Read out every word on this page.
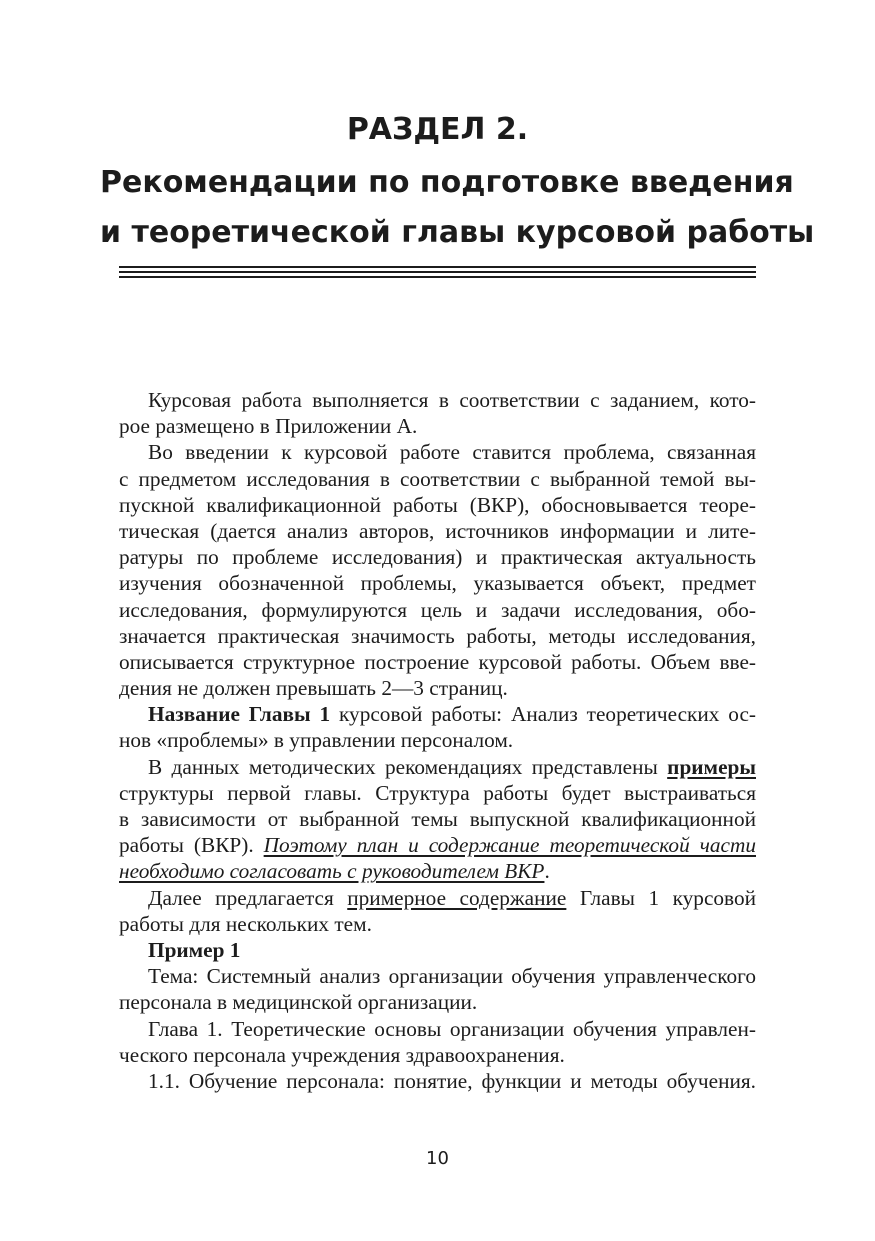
РАЗДЕЛ 2.
Рекомендации по подготовке введения
и теоретической главы курсовой работы
Курсовая работа выполняется в соответствии с заданием, кото-
рое размещено в Приложении А.
Во введении к курсовой работе ставится проблема, связанная
с предметом исследования в соответствии с выбранной темой вы-
пускной квалификационной работы (ВКР), обосновывается теоре-
тическая (дается анализ авторов, источников информации и лите-
ратуры по проблеме исследования) и практическая актуальность
изучения обозначенной проблемы, указывается объект, предмет
исследования, формулируются цель и задачи исследования, обо-
значается практическая значимость работы, методы исследования,
описывается структурное построение курсовой работы. Объем вве-
дения не должен превышать 2—3 страниц.
Название Главы 1 курсовой работы: Анализ теоретических ос-
нов «проблемы» в управлении персоналом.
В данных методических рекомендациях представлены примеры
структуры первой главы. Структура работы будет выстраиваться
в зависимости от выбранной темы выпускной квалификационной
работы (ВКР). Поэтому план и содержание теоретической части
необходимо согласовать с руководителем ВКР.
Далее предлагается примерное содержание Главы 1 курсовой
работы для нескольких тем.
Пример 1
Тема: Системный анализ организации обучения управленческого
персонала в медицинской организации.
Глава 1. Теоретические основы организации обучения управлен-
ческого персонала учреждения здравоохранения.
1.1. Обучение персонала: понятие, функции и методы обучения.
10
